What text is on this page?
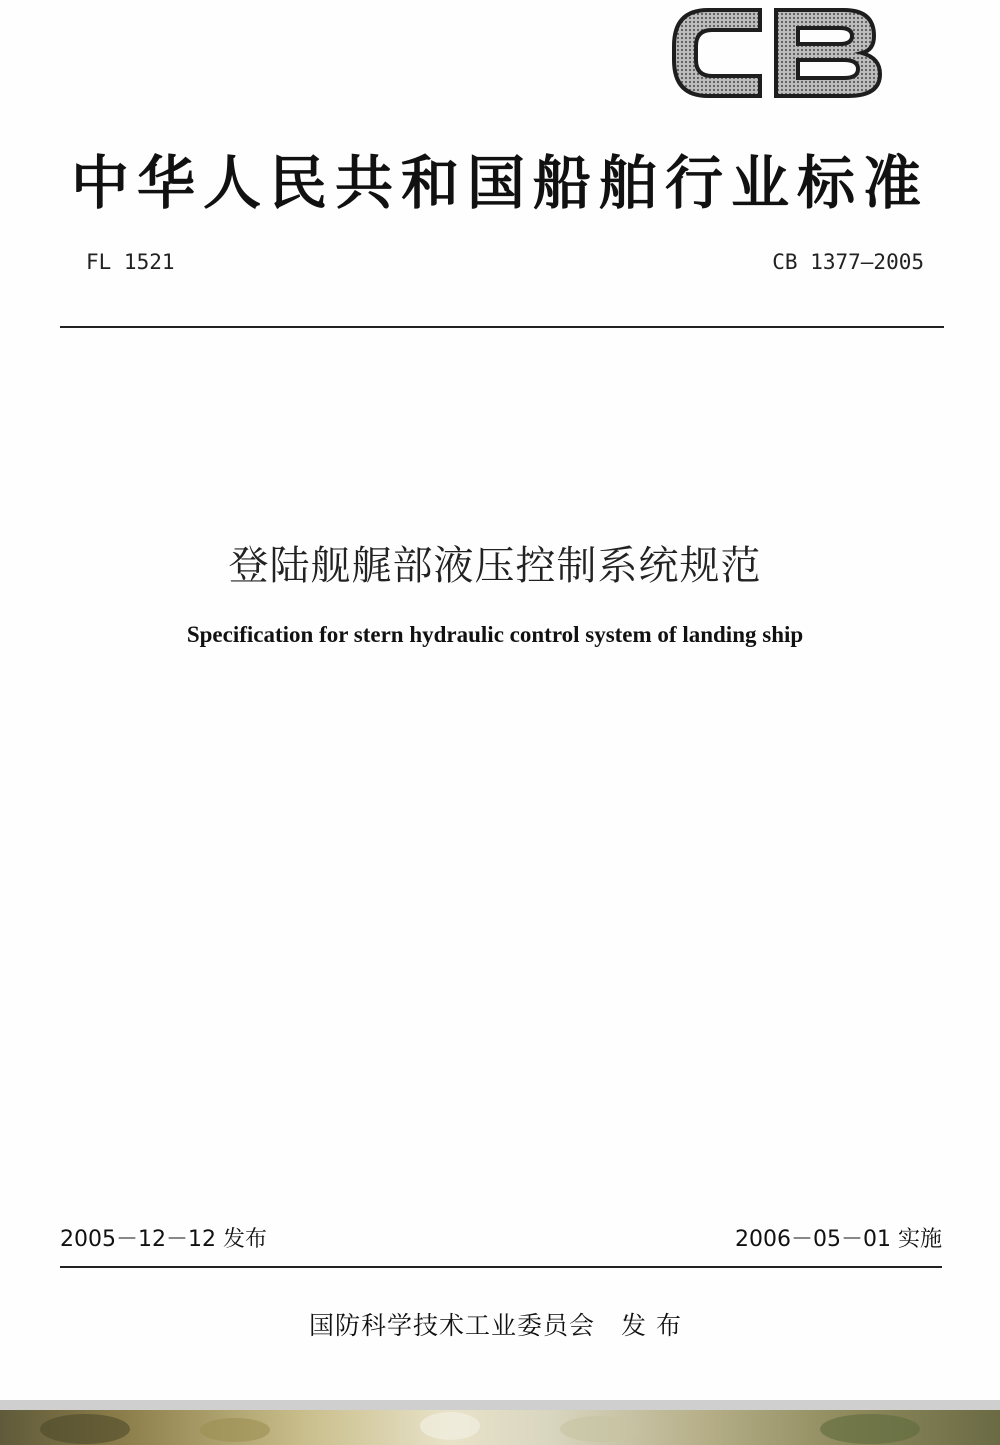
中华人民共和国船舶行业标准
FL 1521	CB 1377—2005
登陆舰艉部液压控制系统规范
Specification for stern hydraulic control system of landing ship
2005－12－12 发布	2006－05－01 实施
国防科学技术工业委员会 发布
